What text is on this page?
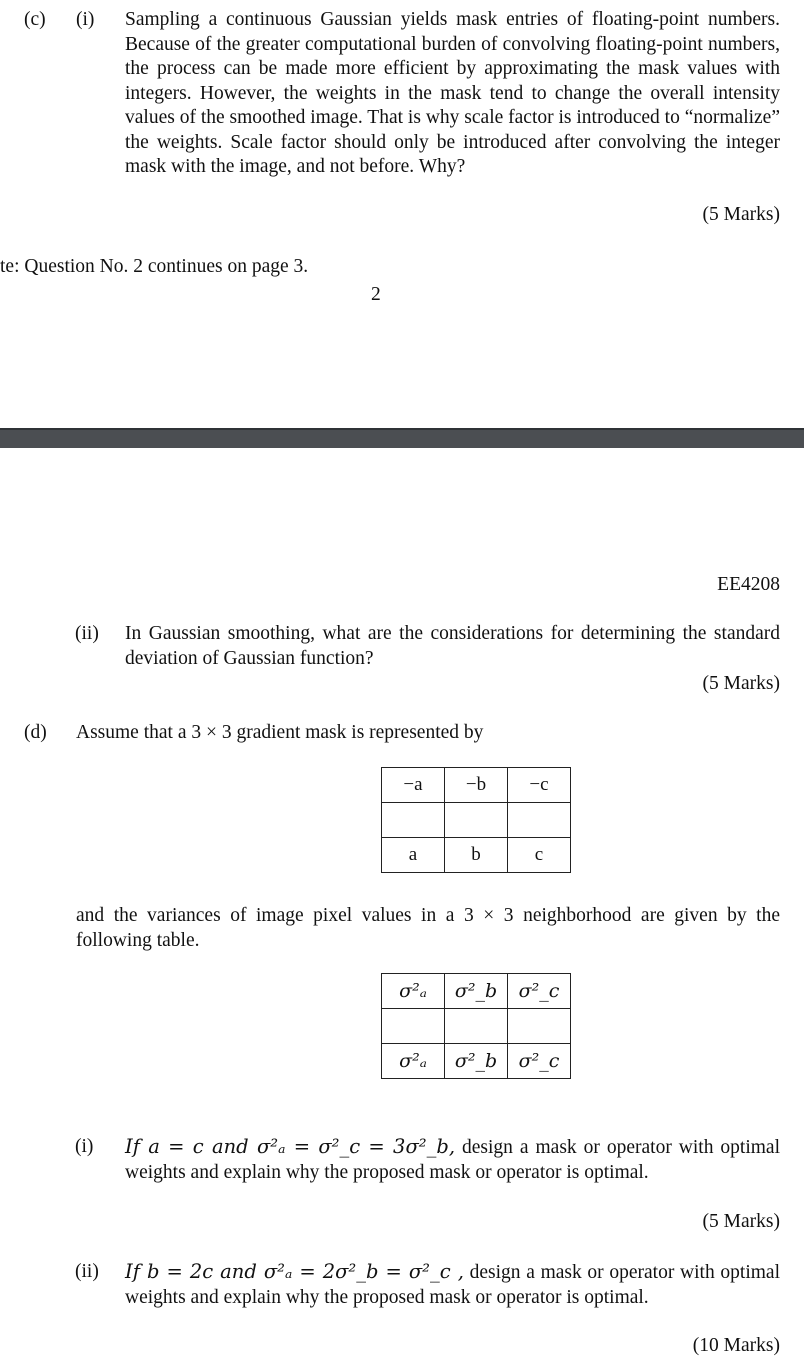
(c) (i) Sampling a continuous Gaussian yields mask entries of floating-point numbers. Because of the greater computational burden of convolving floating-point numbers, the process can be made more efficient by approximating the mask values with integers. However, the weights in the mask tend to change the overall intensity values of the smoothed image. That is why scale factor is introduced to “normalize” the weights. Scale factor should only be introduced after convolving the integer mask with the image, and not before. Why?
(5 Marks)
te: Question No. 2 continues on page 3.
2
EE4208
(ii) In Gaussian smoothing, what are the considerations for determining the standard deviation of Gaussian function?
(5 Marks)
(d) Assume that a 3 × 3 gradient mask is represented by
−a	−b	−c

a	b	c
and the variances of image pixel values in a 3 × 3 neighborhood are given by the following table.
σ²ₐ	σ²_b	σ²_c

σ²ₐ	σ²_b	σ²_c
(i) If a = c and σ²ₐ = σ²_c = 3σ²_b, design a mask or operator with optimal weights and explain why the proposed mask or operator is optimal.
(5 Marks)
(ii) If b = 2c and σ²ₐ = 2σ²_b = σ²_c , design a mask or operator with optimal weights and explain why the proposed mask or operator is optimal.
(10 Marks)
